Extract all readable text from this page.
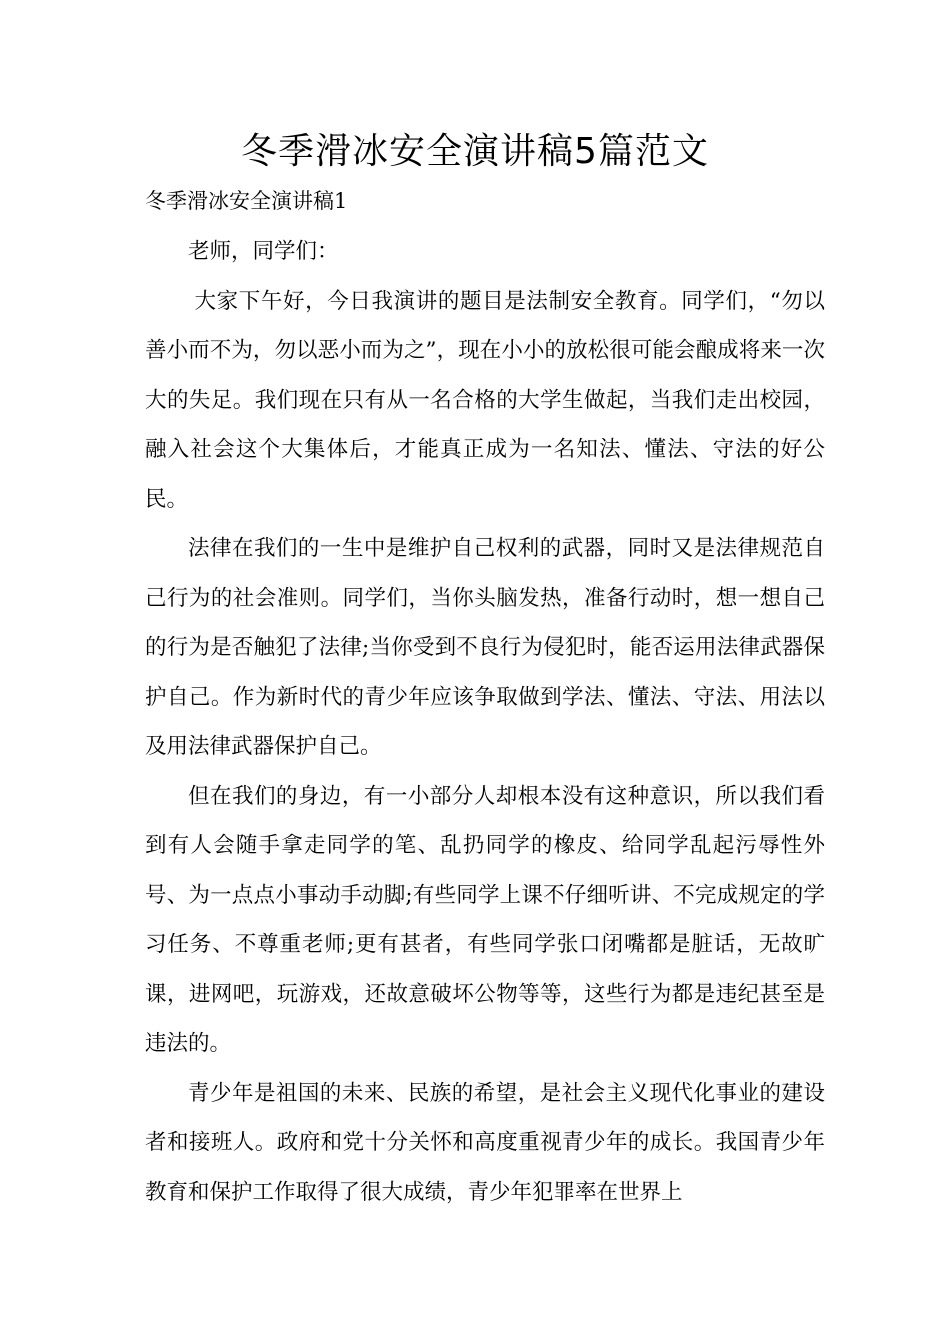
冬季滑冰安全演讲稿5篇范文

冬季滑冰安全演讲稿1

老师，同学们：

大家下午好，今日我演讲的题目是法制安全教育。同学们，“勿以善小而不为，勿以恶小而为之”，现在小小的放松很可能会酿成将来一次大的失足。我们现在只有从一名合格的大学生做起，当我们走出校园，融入社会这个大集体后，才能真正成为一名知法、懂法、守法的好公民。

法律在我们的一生中是维护自己权利的武器，同时又是法律规范自己行为的社会准则。同学们，当你头脑发热，准备行动时，想一想自己的行为是否触犯了法律;当你受到不良行为侵犯时，能否运用法律武器保护自己。作为新时代的青少年应该争取做到学法、懂法、守法、用法以及用法律武器保护自己。

但在我们的身边，有一小部分人却根本没有这种意识，所以我们看到有人会随手拿走同学的笔、乱扔同学的橡皮、给同学乱起污辱性外号、为一点点小事动手动脚;有些同学上课不仔细听讲、不完成规定的学习任务、不尊重老师;更有甚者，有些同学张口闭嘴都是脏话，无故旷课，进网吧，玩游戏，还故意破坏公物等等，这些行为都是违纪甚至是违法的。

青少年是祖国的未来、民族的希望，是社会主义现代化事业的建设者和接班人。政府和党十分关怀和高度重视青少年的成长。我国青少年教育和保护工作取得了很大成绩，青少年犯罪率在世界上
